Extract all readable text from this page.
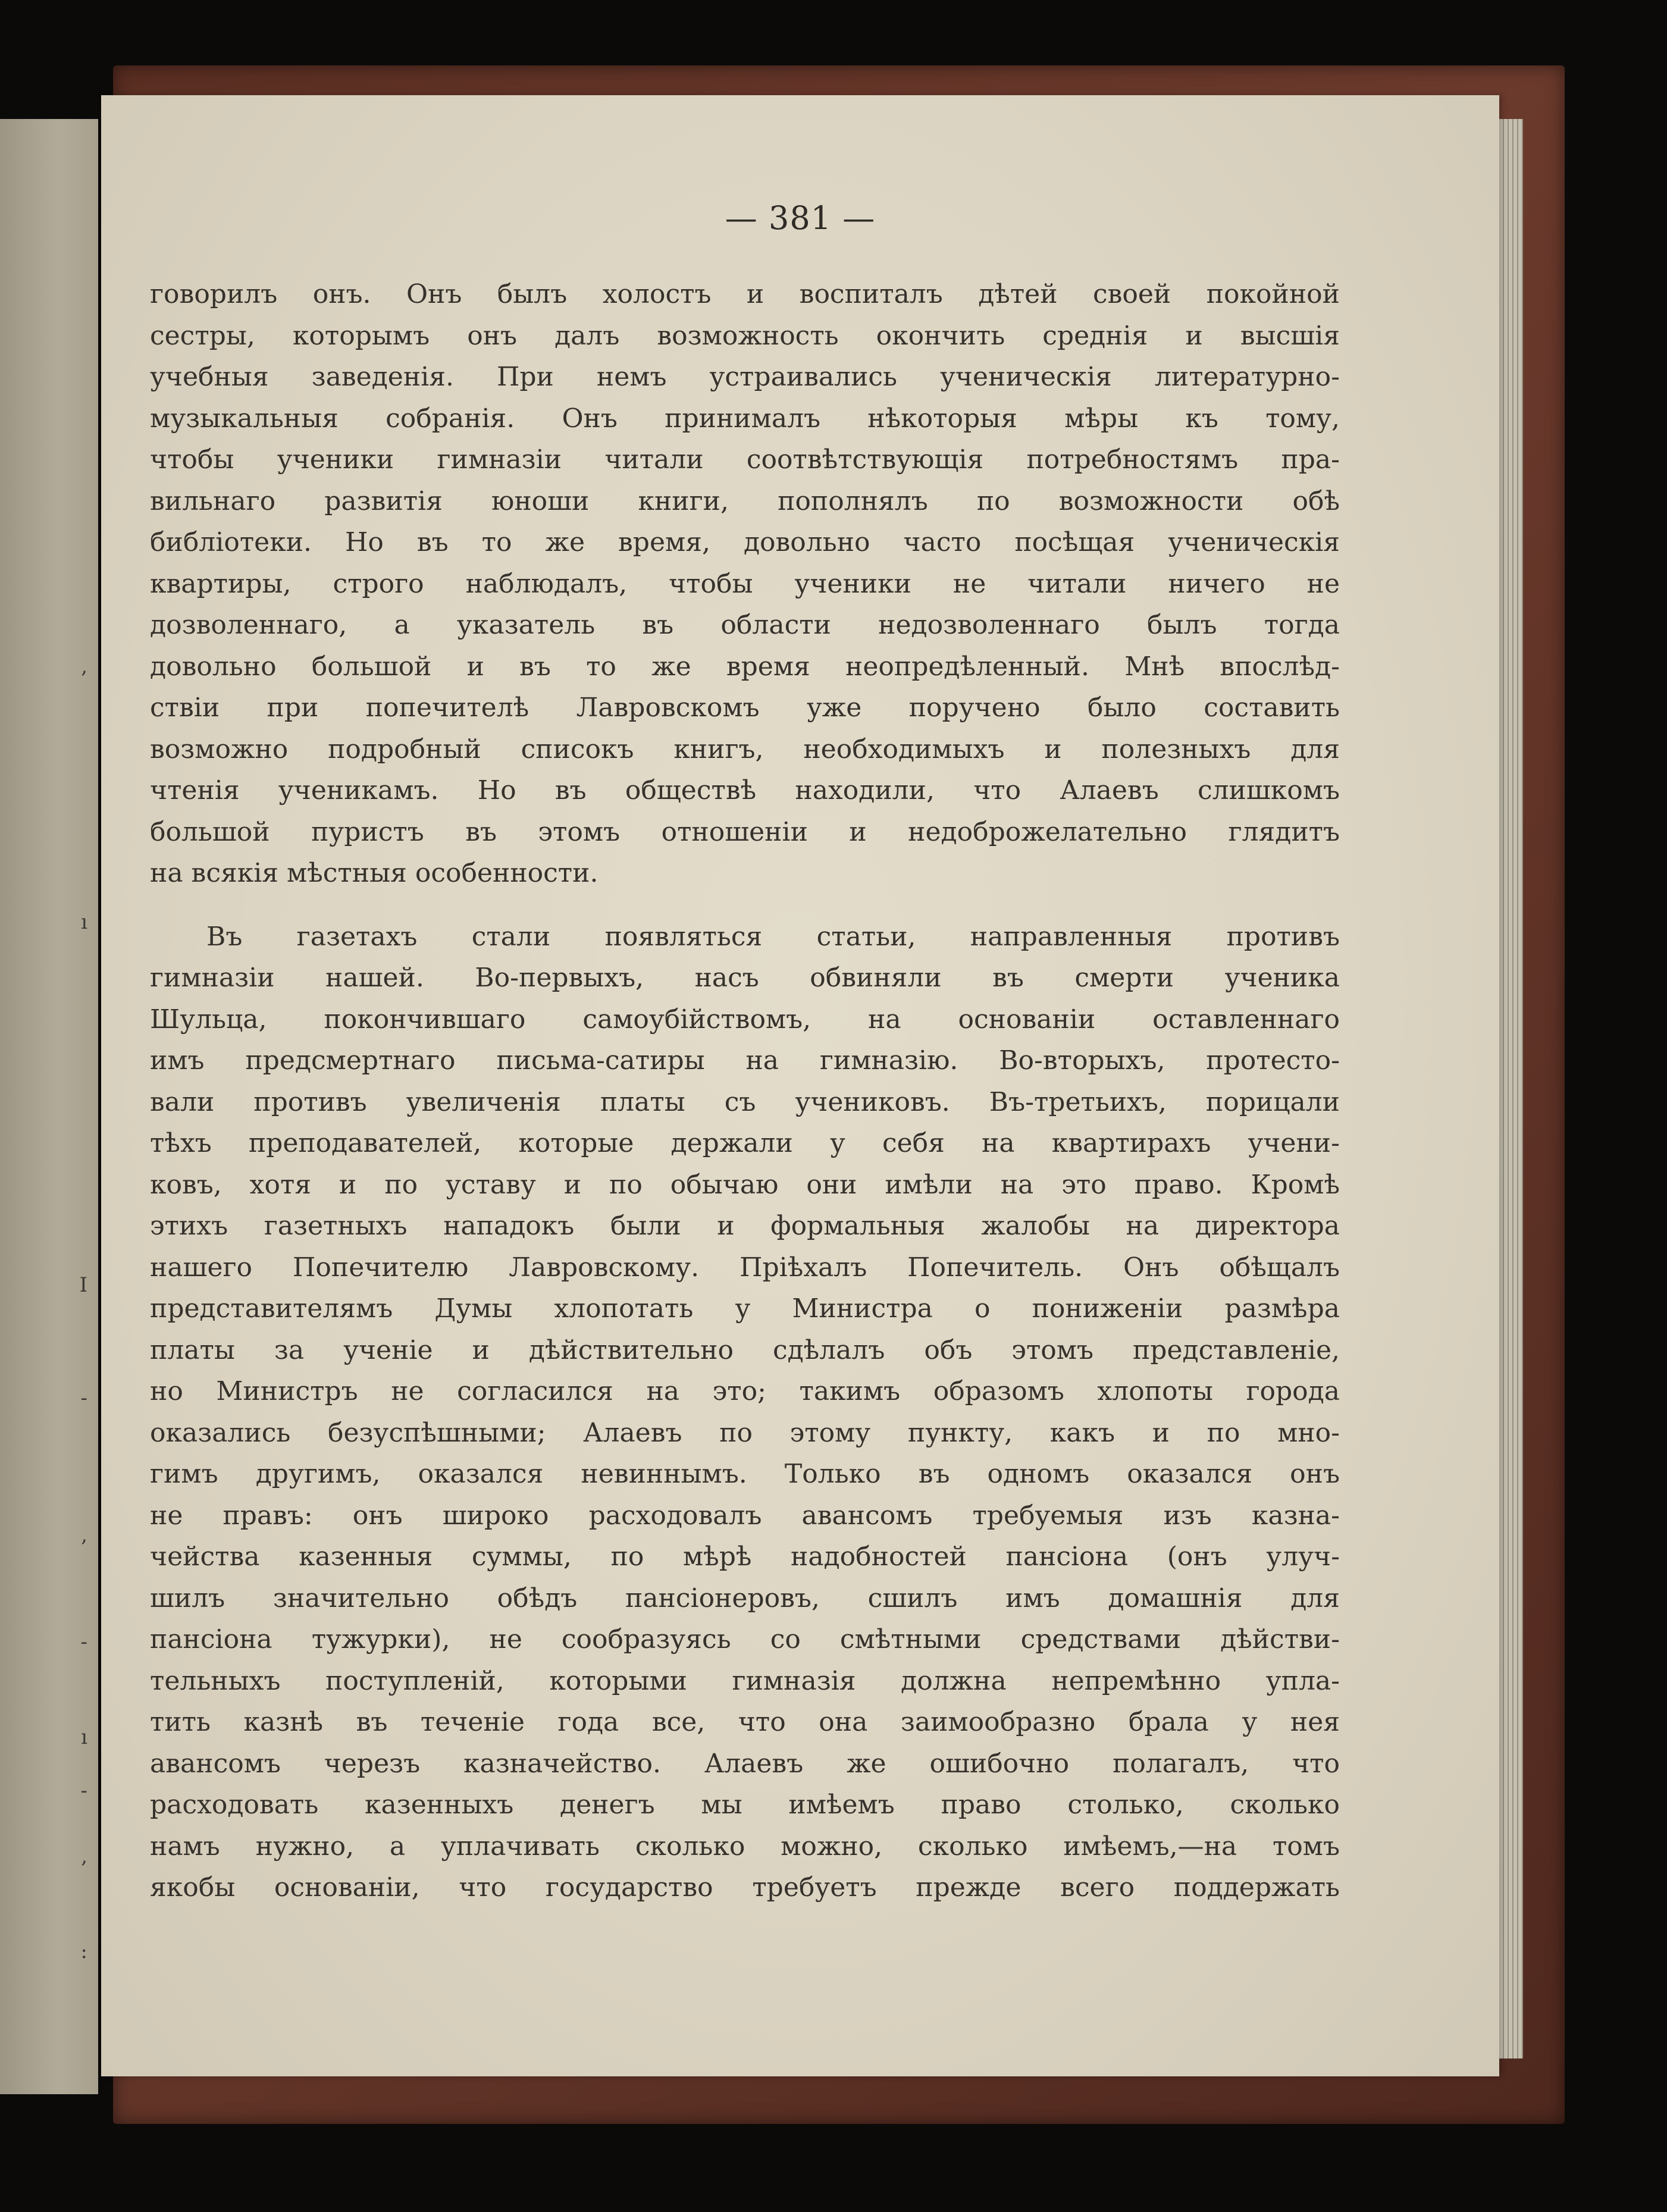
,
ı
I
-
,
-
ı
-
,
:
— 381 —
говорилъ онъ. Онъ былъ холостъ и воспиталъ дѣтей своей покойной
сестры, которымъ онъ далъ возможность окончить среднія и высшія
учебныя заведенія. При немъ устраивались ученическія литературно-
музыкальныя собранія. Онъ принималъ нѣкоторыя мѣры къ тому,
чтобы ученики гимназіи читали соотвѣтствующія потребностямъ пра-
вильнаго развитія юноши книги, пополнялъ по возможности обѣ
библіотеки. Но въ то же время, довольно часто посѣщая ученическія
квартиры, строго наблюдалъ, чтобы ученики не читали ничего не
дозволеннаго, а указатель въ области недозволеннаго былъ тогда
довольно большой и въ то же время неопредѣленный. Мнѣ впослѣд-
ствіи при попечителѣ Лавровскомъ уже поручено было составить
возможно подробный списокъ книгъ, необходимыхъ и полезныхъ для
чтенія ученикамъ. Но въ обществѣ находили, что Алаевъ слишкомъ
большой пуристъ въ этомъ отношеніи и недоброжелательно глядитъ
на всякія мѣстныя особенности.
Въ газетахъ стали появляться статьи, направленныя противъ
гимназіи нашей. Во-первыхъ, насъ обвиняли въ смерти ученика
Шульца, покончившаго самоубійствомъ, на основаніи оставленнаго
имъ предсмертнаго письма-сатиры на гимназію. Во-вторыхъ, протесто-
вали противъ увеличенія платы съ учениковъ. Въ-третьихъ, порицали
тѣхъ преподавателей, которые держали у себя на квартирахъ учени-
ковъ, хотя и по уставу и по обычаю они имѣли на это право. Кромѣ
этихъ газетныхъ нападокъ были и формальныя жалобы на директора
нашего Попечителю Лавровскому. Пріѣхалъ Попечитель. Онъ обѣщалъ
представителямъ Думы хлопотать у Министра о пониженіи размѣра
платы за ученіе и дѣйствительно сдѣлалъ объ этомъ представленіе,
но Министръ не согласился на это; такимъ образомъ хлопоты города
оказались безуспѣшными; Алаевъ по этому пункту, какъ и по мно-
гимъ другимъ, оказался невиннымъ. Только въ одномъ оказался онъ
не правъ: онъ широко расходовалъ авансомъ требуемыя изъ казна-
чейства казенныя суммы, по мѣрѣ надобностей пансіона (онъ улуч-
шилъ значительно обѣдъ пансіонеровъ, сшилъ имъ домашнія для
пансіона тужурки), не сообразуясь со смѣтными средствами дѣйстви-
тельныхъ поступленій, которыми гимназія должна непремѣнно упла-
тить казнѣ въ теченіе года все, что она заимообразно брала у нея
авансомъ черезъ казначейство. Алаевъ же ошибочно полагалъ, что
расходовать казенныхъ денегъ мы имѣемъ право столько, сколько
намъ нужно, а уплачивать сколько можно, сколько имѣемъ,—на томъ
якобы основаніи, что государство требуетъ прежде всего поддержать
